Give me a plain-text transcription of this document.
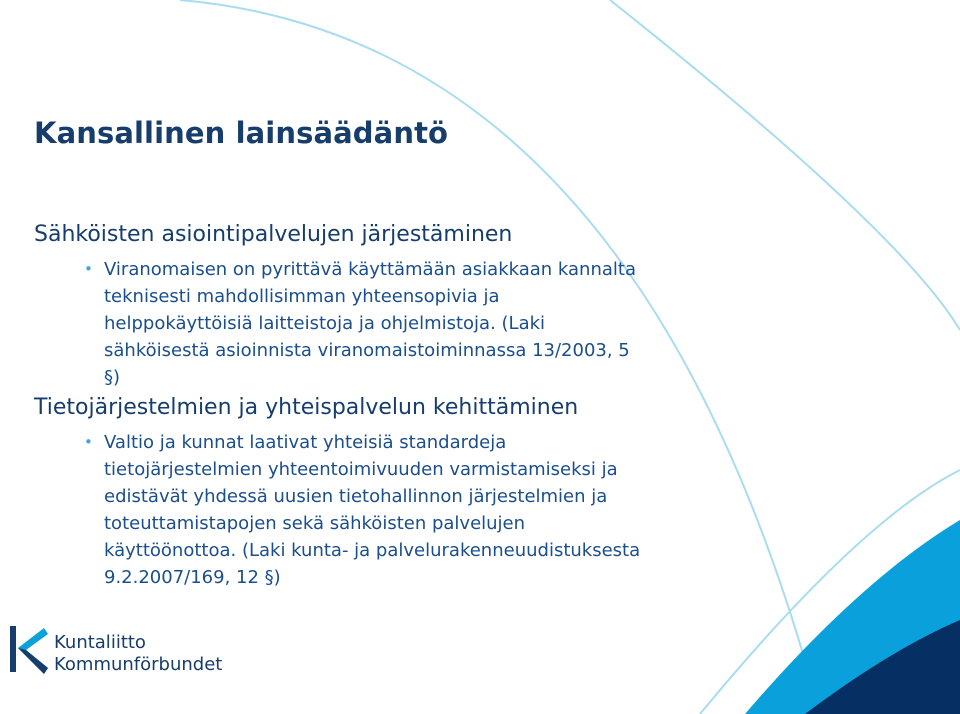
Kansallinen lainsäädäntö
Sähköisten asiointipalvelujen järjestäminen
• Viranomaisen on pyrittävä käyttämään asiakkaan kannalta
teknisesti mahdollisimman yhteensopivia ja
helppokäyttöisiä laitteistoja ja ohjelmistoja. (Laki
sähköisestä asioinnista viranomaistoiminnassa 13/2003, 5
§)
Tietojärjestelmien ja yhteispalvelun kehittäminen
• Valtio ja kunnat laativat yhteisiä standardeja
tietojärjestelmien yhteentoimivuuden varmistamiseksi ja
edistävät yhdessä uusien tietohallinnon järjestelmien ja
toteuttamistapojen sekä sähköisten palvelujen
käyttöönottoa. (Laki kunta- ja palvelurakenneuudistuksesta
9.2.2007/169, 12 §)
Kuntaliitto
Kommunförbundet
